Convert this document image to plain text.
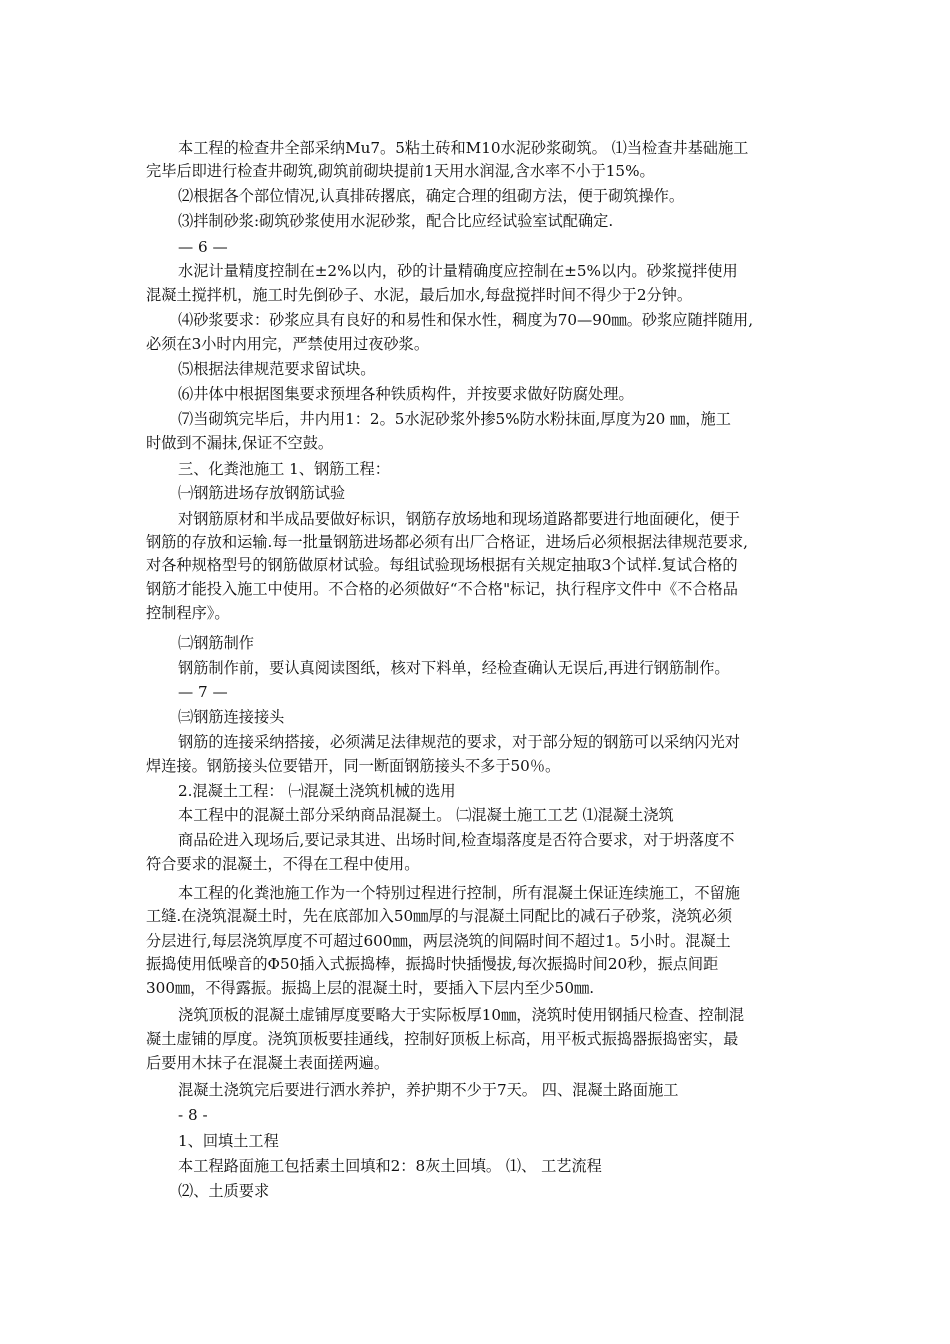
本工程的检查井全部采纳Mu7。5粘土砖和M10水泥砂浆砌筑。 ⑴当检查井基础施工
完毕后即进行检查井砌筑,砌筑前砌块提前1天用水润湿,含水率不小于15%。
⑵根据各个部位情况,认真排砖撂底，确定合理的组砌方法，便于砌筑操作。
⑶拌制砂浆:砌筑砂浆使用水泥砂浆，配合比应经试验室试配确定.
— 6 —
水泥计量精度控制在±2%以内，砂的计量精确度应控制在±5%以内。砂浆搅拌使用
混凝土搅拌机，施工时先倒砂子、水泥，最后加水,每盘搅拌时间不得少于2分钟。
⑷砂浆要求：砂浆应具有良好的和易性和保水性，稠度为70—90㎜。砂浆应随拌随用,
必须在3小时内用完，严禁使用过夜砂浆。
⑸根据法律规范要求留试块。
⑹井体中根据图集要求预埋各种铁质构件，并按要求做好防腐处理。
⑺当砌筑完毕后，井内用1：2。5水泥砂浆外掺5%防水粉抹面,厚度为20 ㎜，施工
时做到不漏抹,保证不空鼓。
三、化粪池施工 1、钢筋工程：
㈠钢筋进场存放钢筋试验
对钢筋原材和半成品要做好标识，钢筋存放场地和现场道路都要进行地面硬化，便于
钢筋的存放和运输.每一批量钢筋进场都必须有出厂合格证，进场后必须根据法律规范要求,
对各种规格型号的钢筋做原材试验。每组试验现场根据有关规定抽取3个试样.复试合格的
钢筋才能投入施工中使用。不合格的必须做好“不合格"标记，执行程序文件中《不合格品
控制程序》。
㈡钢筋制作
钢筋制作前，要认真阅读图纸，核对下料单，经检查确认无误后,再进行钢筋制作。
— 7 —
㈢钢筋连接接头
钢筋的连接采纳搭接，必须满足法律规范的要求，对于部分短的钢筋可以采纳闪光对
焊连接。钢筋接头位要错开，同一断面钢筋接头不多于50％。
2.混凝土工程： ㈠混凝土浇筑机械的选用
本工程中的混凝土部分采纳商品混凝土。 ㈡混凝土施工工艺 ⑴混凝土浇筑
商品砼进入现场后,要记录其进、出场时间,检查塌落度是否符合要求，对于坍落度不
符合要求的混凝土，不得在工程中使用。
本工程的化粪池施工作为一个特别过程进行控制，所有混凝土保证连续施工，不留施
工缝.在浇筑混凝土时，先在底部加入50㎜厚的与混凝土同配比的减石子砂浆，浇筑必须
分层进行,每层浇筑厚度不可超过600㎜，两层浇筑的间隔时间不超过1。5小时。混凝土
振捣使用低噪音的Φ50插入式振捣棒，振捣时快插慢拔,每次振捣时间20秒，振点间距
300㎜，不得露振。振捣上层的混凝土时，要插入下层内至少50㎜.
浇筑顶板的混凝土虚铺厚度要略大于实际板厚10㎜，浇筑时使用钢插尺检查、控制混
凝土虚铺的厚度。浇筑顶板要挂通线，控制好顶板上标高，用平板式振捣器振捣密实，最
后要用木抹子在混凝土表面搓两遍。
混凝土浇筑完后要进行洒水养护，养护期不少于7天。 四、混凝土路面施工
- 8 -
1、回填土工程
本工程路面施工包括素土回填和2：8灰土回填。 ⑴、 工艺流程
⑵、土质要求
